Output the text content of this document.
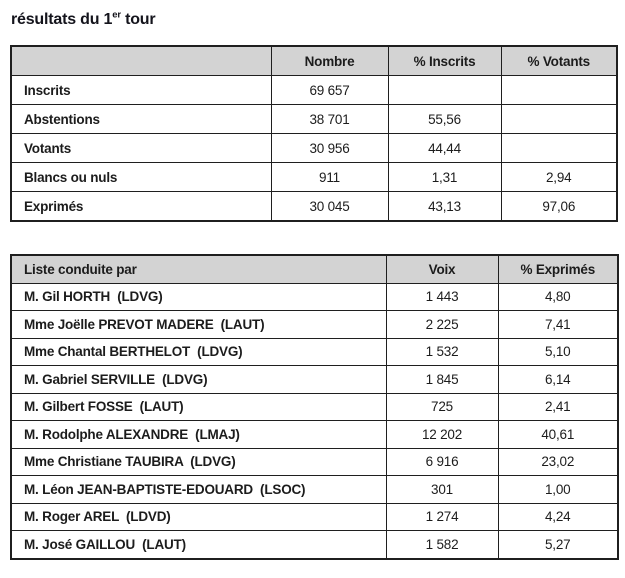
résultats du 1er tour
	Nombre	% Inscrits	% Votants
Inscrits	69 657		
Abstentions	38 701	55,56	
Votants	30 956	44,44	
Blancs ou nuls	911	1,31	2,94
Exprimés	30 045	43,13	97,06
Liste conduite par	Voix	% Exprimés
M. Gil HORTH  (LDVG)	1 443	4,80
Mme Joëlle PREVOT MADERE  (LAUT)	2 225	7,41
Mme Chantal BERTHELOT  (LDVG)	1 532	5,10
M. Gabriel SERVILLE  (LDVG)	1 845	6,14
M. Gilbert FOSSE  (LAUT)	725	2,41
M. Rodolphe ALEXANDRE  (LMAJ)	12 202	40,61
Mme Christiane TAUBIRA  (LDVG)	6 916	23,02
M. Léon JEAN-BAPTISTE-EDOUARD  (LSOC)	301	1,00
M. Roger AREL  (LDVD)	1 274	4,24
M. José GAILLOU  (LAUT)	1 582	5,27
